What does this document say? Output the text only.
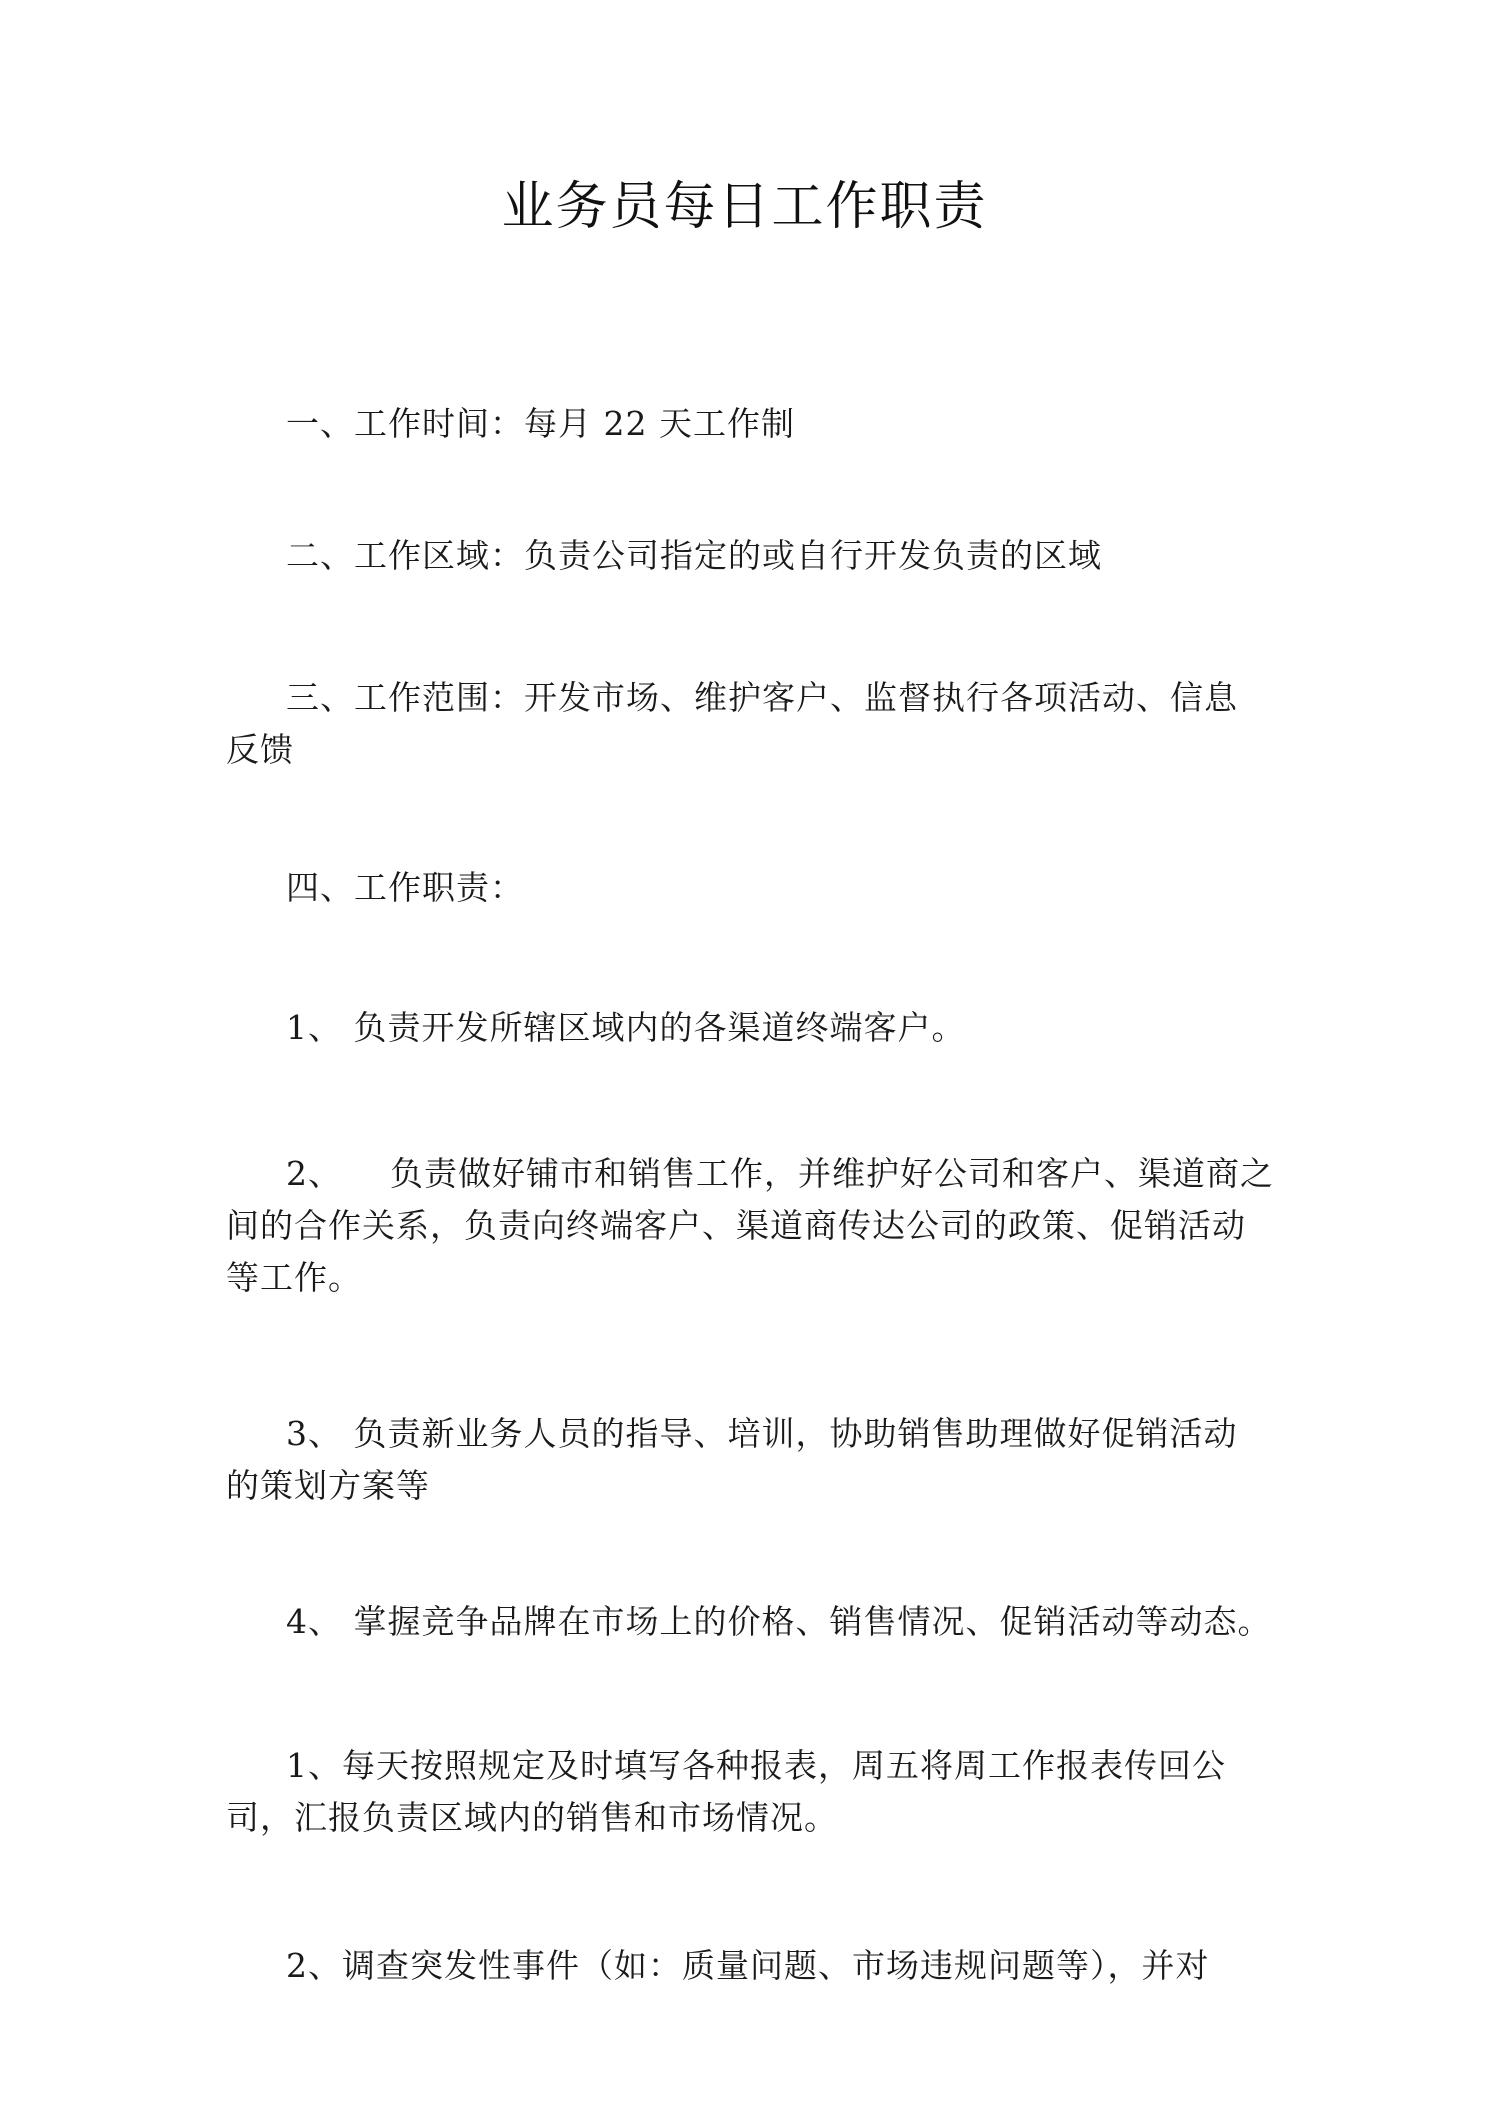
业务员每日工作职责
一、工作时间：每月 22 天工作制
二、工作区域：负责公司指定的或自行开发负责的区域
三、工作范围：开发市场、维护客户、监督执行各项活动、信息
反馈
四、工作职责：
1、 负责开发所辖区域内的各渠道终端客户。
2、 负责做好铺市和销售工作，并维护好公司和客户、渠道商之
间的合作关系，负责向终端客户、渠道商传达公司的政策、促销活动
等工作。
3、 负责新业务人员的指导、培训，协助销售助理做好促销活动
的策划方案等
4、 掌握竞争品牌在市场上的价格、销售情况、促销活动等动态。
1、每天按照规定及时填写各种报表，周五将周工作报表传回公
司，汇报负责区域内的销售和市场情况。
2、调查突发性事件（如：质量问题、市场违规问题等），并对
